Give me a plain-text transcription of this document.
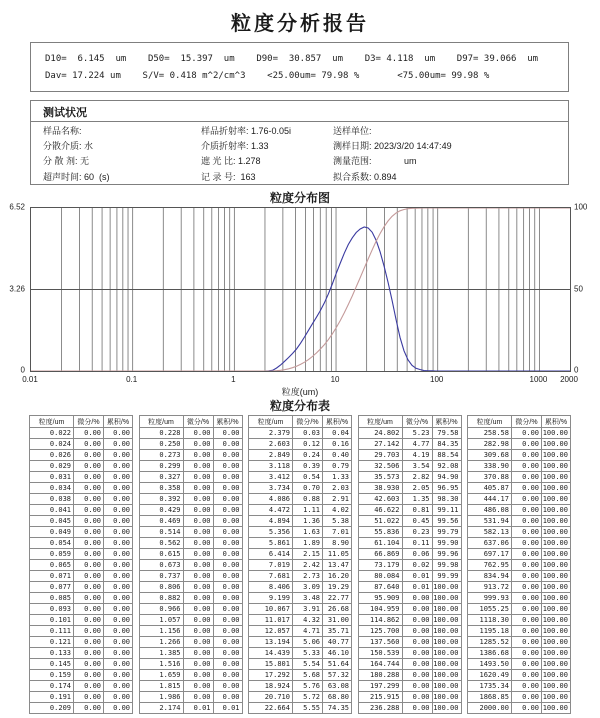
粒度分析报告
D10=  6.145  um    D50=  15.397  um    D90=  30.857  um    D3= 4.118  um    D97= 39.066  um
Dav= 17.224 um    S/V= 0.418 m^2/cm^3    <25.00um= 79.98 %       <75.00um= 99.98 %
测试状况
样品名称:	样品折射率: 1.76-0.05i	送样单位:
分散介质: 水	介质折射率: 1.33	测样日期: 2023/3/20 14:47:49
分 散 剂: 无	遮 光 比: 1.278	测量范围:             um
超声时间: 60  (s)	记 录 号:  163	拟合系数: 0.894
粒度分布图
6.52
3.26
0
100
50
0
0.01	0.1	1	10	100	1000 2000
粒度(um)
粒度分布表
粒度/um	微分/%	累积/%
0.022	0.00	0.00
0.024	0.00	0.00
0.026	0.00	0.00
0.029	0.00	0.00
0.031	0.00	0.00
0.034	0.00	0.00
0.038	0.00	0.00
0.041	0.00	0.00
0.045	0.00	0.00
0.049	0.00	0.00
0.054	0.00	0.00
0.059	0.00	0.00
0.065	0.00	0.00
0.071	0.00	0.00
0.077	0.00	0.00
0.085	0.00	0.00
0.093	0.00	0.00
0.101	0.00	0.00
0.111	0.00	0.00
0.121	0.00	0.00
0.133	0.00	0.00
0.145	0.00	0.00
0.159	0.00	0.00
0.174	0.00	0.00
0.191	0.00	0.00
0.209	0.00	0.00
粒度/um	微分/%	累积/%
0.228	0.00	0.00
0.250	0.00	0.00
0.273	0.00	0.00
0.299	0.00	0.00
0.327	0.00	0.00
0.358	0.00	0.00
0.392	0.00	0.00
0.429	0.00	0.00
0.469	0.00	0.00
0.514	0.00	0.00
0.562	0.00	0.00
0.615	0.00	0.00
0.673	0.00	0.00
0.737	0.00	0.00
0.806	0.00	0.00
0.882	0.00	0.00
0.966	0.00	0.00
1.057	0.00	0.00
1.156	0.00	0.00
1.266	0.00	0.00
1.385	0.00	0.00
1.516	0.00	0.00
1.659	0.00	0.00
1.815	0.00	0.00
1.986	0.00	0.00
2.174	0.01	0.01
粒度/um	微分/%	累积/%
2.379	0.03	0.04
2.603	0.12	0.16
2.849	0.24	0.40
3.118	0.39	0.79
3.412	0.54	1.33
3.734	0.70	2.03
4.086	0.88	2.91
4.472	1.11	4.02
4.894	1.36	5.38
5.356	1.63	7.01
5.861	1.89	8.90
6.414	2.15	11.05
7.019	2.42	13.47
7.681	2.73	16.20
8.406	3.09	19.29
9.199	3.48	22.77
10.067	3.91	26.68
11.017	4.32	31.00
12.057	4.71	35.71
13.194	5.06	40.77
14.439	5.33	46.10
15.801	5.54	51.64
17.292	5.68	57.32
18.924	5.76	63.08
20.710	5.72	68.80
22.664	5.55	74.35
粒度/um	微分/%	累积/%
24.802	5.23	79.58
27.142	4.77	84.35
29.703	4.19	88.54
32.506	3.54	92.08
35.573	2.82	94.90
38.930	2.05	96.95
42.603	1.35	98.30
46.622	0.81	99.11
51.022	0.45	99.56
55.836	0.23	99.79
61.104	0.11	99.90
66.869	0.06	99.96
73.179	0.02	99.98
80.084	0.01	99.99
87.640	0.01	100.00
95.909	0.00	100.00
104.959	0.00	100.00
114.862	0.00	100.00
125.700	0.00	100.00
137.560	0.00	100.00
150.539	0.00	100.00
164.744	0.00	100.00
180.288	0.00	100.00
197.299	0.00	100.00
215.915	0.00	100.00
236.288	0.00	100.00
粒度/um	微分/%	累积/%
258.58	0.00	100.00
282.98	0.00	100.00
309.68	0.00	100.00
338.90	0.00	100.00
370.88	0.00	100.00
405.87	0.00	100.00
444.17	0.00	100.00
486.08	0.00	100.00
531.94	0.00	100.00
582.13	0.00	100.00
637.06	0.00	100.00
697.17	0.00	100.00
762.95	0.00	100.00
834.94	0.00	100.00
913.72	0.00	100.00
999.93	0.00	100.00
1055.25	0.00	100.00
1118.30	0.00	100.00
1195.18	0.00	100.00
1285.52	0.00	100.00
1386.68	0.00	100.00
1493.50	0.00	100.00
1620.49	0.00	100.00
1735.34	0.00	100.00
1868.85	0.00	100.00
2000.00	0.00	100.00
